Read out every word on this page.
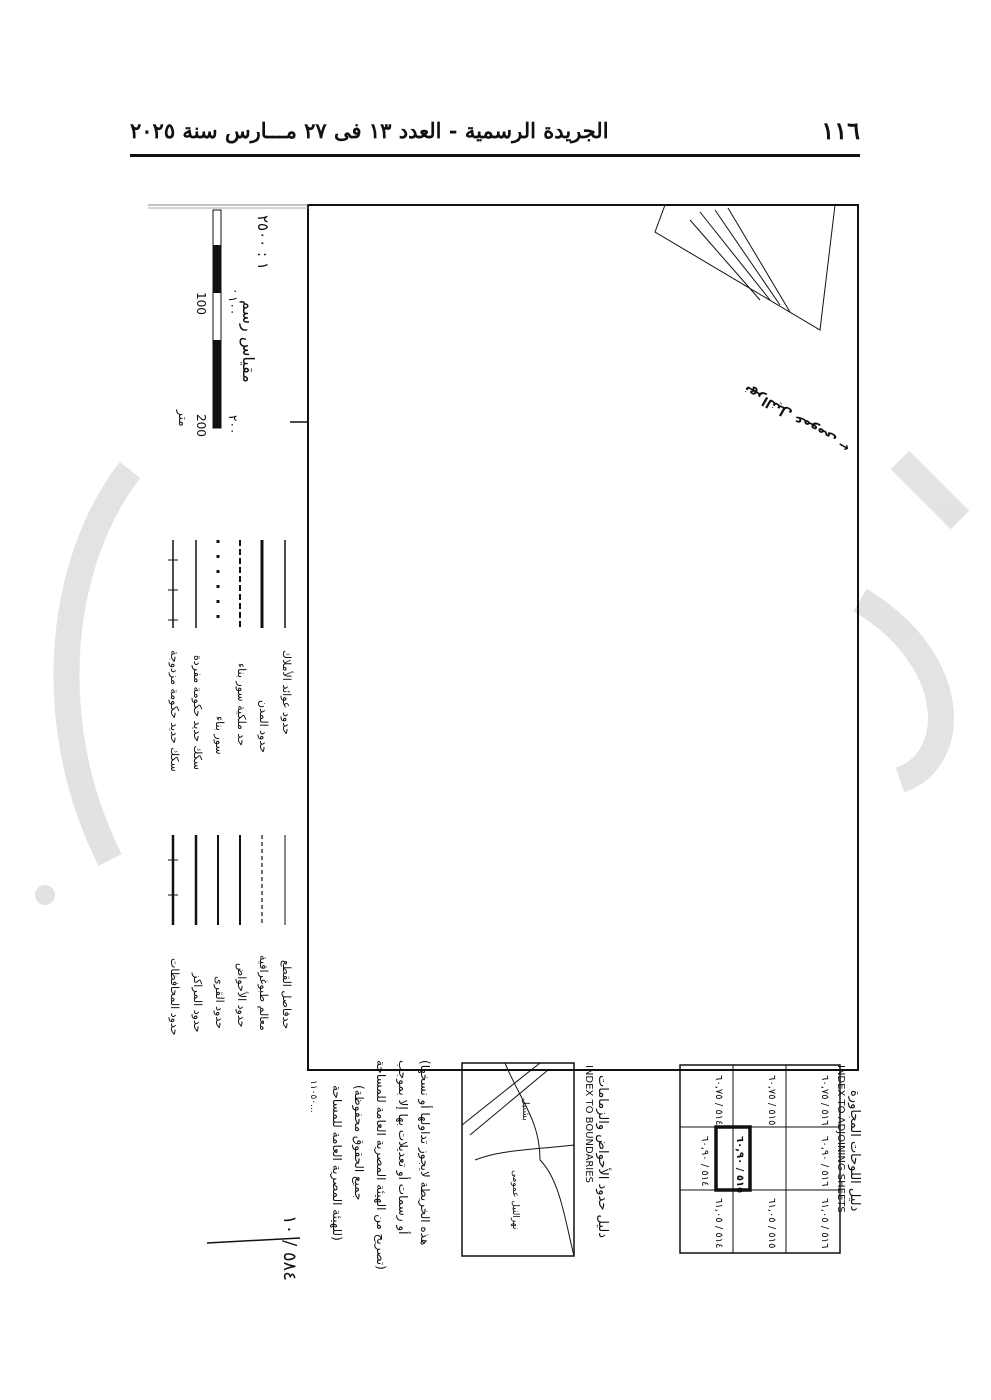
١١٦
الجريدة الرسمية - العدد ١٣ فى ٢٧ مـــارس سنة ٢٠٢٥
← نهرالنيل عمومى
١١٠٥٠...
مقياس رسم
١ : ٢٥٠٠
٠
١٠٠
٢٠٠
100
200
متر
حدود عوائد الأملاك
حدود المدن
حد ملكية سور بناء
سور بناء
سكك حديد حكومة مفردة
سكك حديد حكومة مزدوجة
حدفاصل القطع
معالم طبوغرافية
حدود الأحواض
حدود القرى
حدود المراكز
حدود المحافظات
دليل اللوحات المجاورة
INDEX TO ADJOINING SHEETS
٥١٦ / ٦٠,٧٥
٥١٦ / ٦٠,٩٠
٥١٦ / ٦١,٠٥
٥١٥ / ٦٠,٧٥
٥١٥ / ٦٠,٩٠
٥١٥ / ٦١,٠٥
٥١٤ / ٦٠,٧٥
٥١٤ / ٦٠,٩٠
٥١٤ / ٦١,٠٥
دليل حدود الأحواض والزمامات
INDEX TO BOUNDARIES
بشتيل
نهرالنيل عمومى
(هذه الخريطة لايجوز تداولها أو نسخها
أو رسمات أو تعديلات بها إلا بموجب
تصريح من الهيئة المصرية العامة للمساحة)
(جميع الحقوق محفوظة
للهيئة المصرية العامة للمساحة)
٥٨٤ / ١٠
